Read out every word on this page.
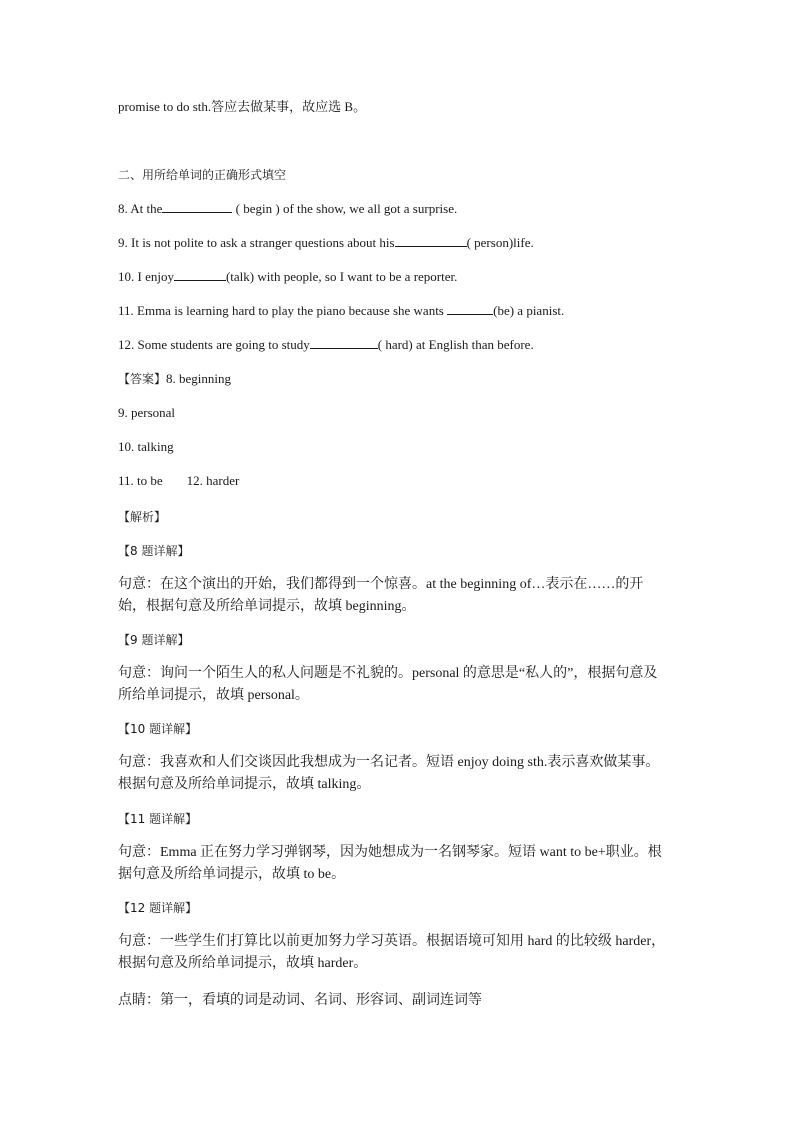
promise to do sth.答应去做某事，故应选 B。
二、用所给单词的正确形式填空
8. At the	( begin ) of the show, we all got a surprise.
9. It is not polite to ask a stranger questions about his	( person)life.
10. I enjoy	(talk) with people, so I want to be a reporter.
11. Emma is learning hard to play the piano because she wants	(be) a pianist.
12. Some students are going to study	( hard) at English than before.
【答案】8. beginning
9. personal
10. talking
11. to be 12. harder
【解析】
【8 题详解】
句意：在这个演出的开始，我们都得到一个惊喜。at the beginning of…表示在……的开始，根据句意及所给单词提示，故填 beginning。
【9 题详解】
句意：询问一个陌生人的私人问题是不礼貌的。personal 的意思是“私人的”，根据句意及所给单词提示，故填 personal。
【10 题详解】
句意：我喜欢和人们交谈因此我想成为一名记者。短语 enjoy doing sth.表示喜欢做某事。根据句意及所给单词提示，故填 talking。
【11 题详解】
句意：Emma 正在努力学习弹钢琴，因为她想成为一名钢琴家。短语 want to be+职业。根据句意及所给单词提示，故填 to be。
【12 题详解】
句意：一些学生们打算比以前更加努力学习英语。根据语境可知用 hard 的比较级 harder，根据句意及所给单词提示，故填 harder。
点睛：第一，看填的词是动词、名词、形容词、副词连词等
